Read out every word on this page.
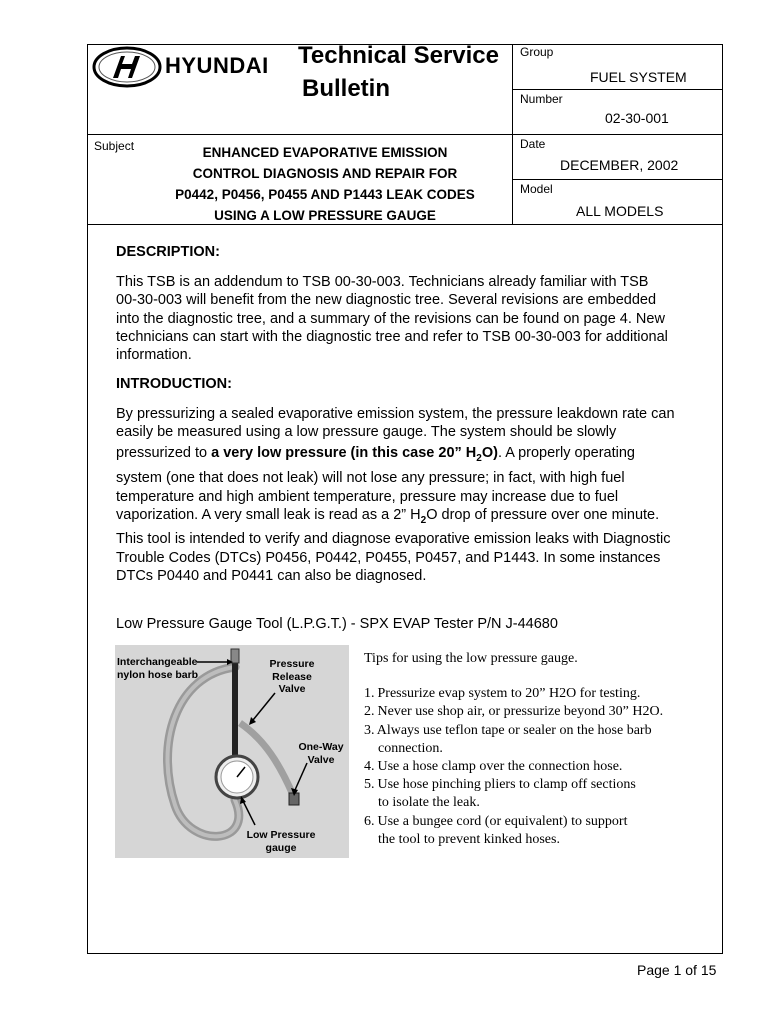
HYUNDAI Technical Service
Bulletin
Group
FUEL SYSTEM
Number
02-30-001
Date
DECEMBER, 2002
Model
ALL MODELS
Subject	ENHANCED EVAPORATIVE EMISSION
CONTROL DIAGNOSIS AND REPAIR FOR
P0442, P0456, P0455 AND P1443 LEAK CODES
USING A LOW PRESSURE GAUGE
DESCRIPTION:
This TSB is an addendum to TSB 00-30-003. Technicians already familiar with TSB
00-30-003 will benefit from the new diagnostic tree. Several revisions are embedded
into the diagnostic tree, and a summary of the revisions can be found on page 4. New
technicians can start with the diagnostic tree and refer to TSB 00-30-003 for additional
information.
INTRODUCTION:
By pressurizing a sealed evaporative emission system, the pressure leakdown rate can
easily be measured using a low pressure gauge. The system should be slowly
pressurized to a very low pressure (in this case 20” $H_2O$). A properly operating
system (one that does not leak) will not lose any pressure; in fact, with high fuel
temperature and high ambient temperature, pressure may increase due to fuel
vaporization. A very small leak is read as a 2” $H_2O$ drop of pressure over one minute.
This tool is intended to verify and diagnose evaporative emission leaks with Diagnostic
Trouble Codes (DTCs) P0456, P0442, P0455, P0457, and P1443. In some instances
DTCs P0440 and P0441 can also be diagnosed.
Low Pressure Gauge Tool (L.P.G.T.) - SPX EVAP Tester P/N J-44680
Interchangeable
nylon hose barb
Pressure
Release
Valve
One-Way
Valve
Low Pressure
gauge
Tips for using the low pressure gauge.
1. Pressurize evap system to 20” H2O for testing.
2. Never use shop air, or pressurize beyond 30” H2O.
3. Always use teflon tape or sealer on the hose barb
connection.
4. Use a hose clamp over the connection hose.
5. Use hose pinching pliers to clamp off sections
to isolate the leak.
6. Use a bungee cord (or equivalent) to support
the tool to prevent kinked hoses.
Page 1 of 15
